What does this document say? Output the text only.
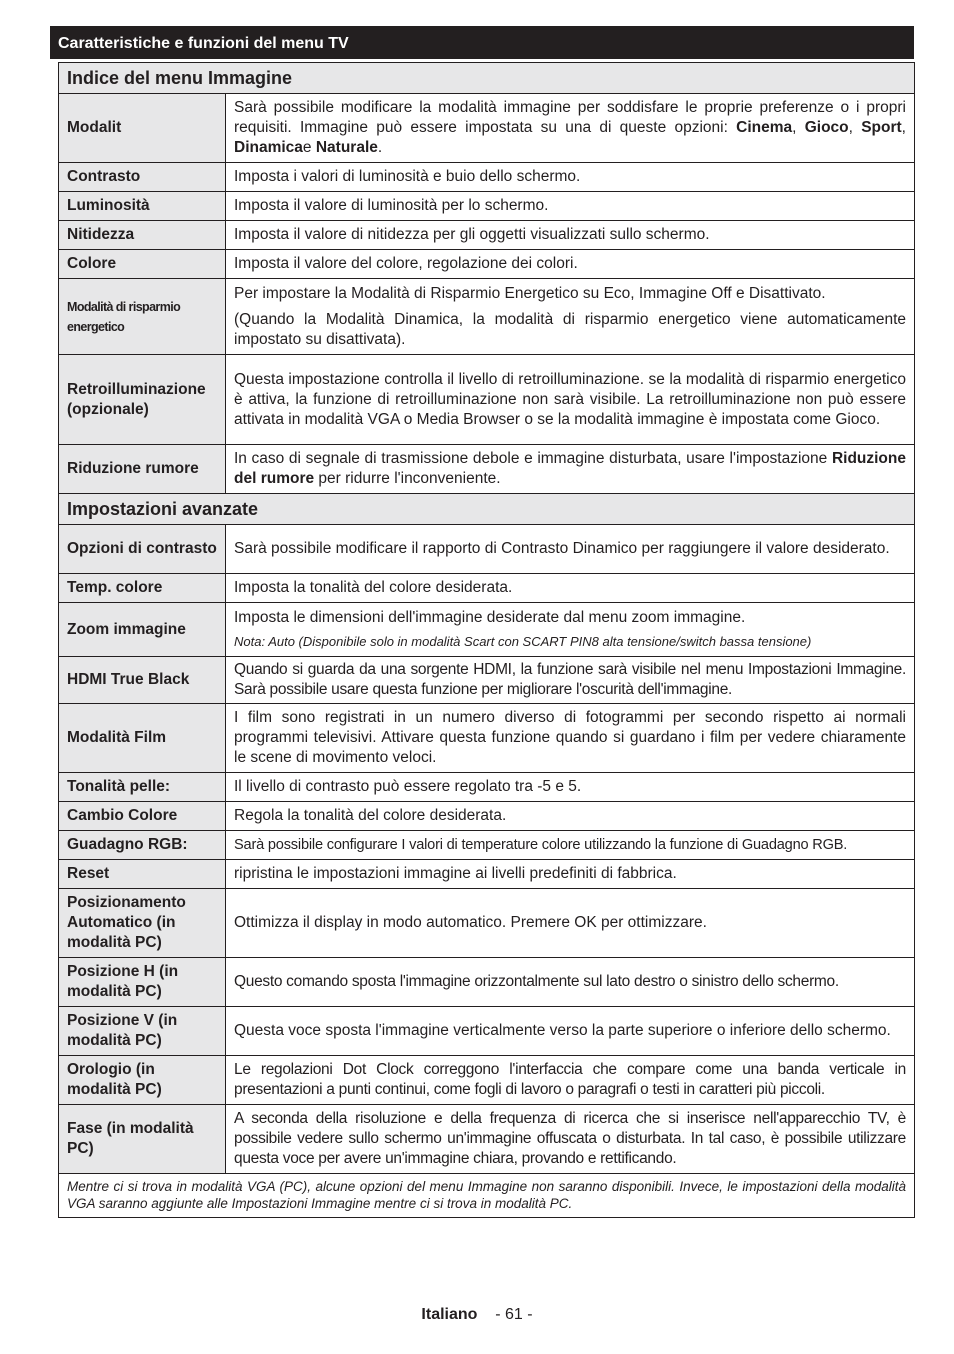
Caratteristiche e funzioni del menu TV
Indice del menu Immagine	
Modalit	Sarà possibile modificare la modalità immagine per soddisfare le proprie preferenze o i propri requisiti. Immagine può essere impostata su una di queste opzioni: Cinema, Gioco, Sport, Dinamicae Naturale.
Contrasto	Imposta i valori di luminosità e buio dello schermo.
Luminosità	Imposta il valore di luminosità per lo schermo.
Nitidezza	Imposta il valore di nitidezza per gli oggetti visualizzati sullo schermo.
Colore	Imposta il valore del colore, regolazione dei colori.
Modalità di risparmio energetico	Per impostare la Modalità di Risparmio Energetico su Eco, Immagine Off e Disattivato.
(Quando la Modalità Dinamica, la modalità di risparmio energetico viene automaticamente impostato su disattivata).

Retroilluminazione (opzionale)	Questa impostazione controlla il livello di retroilluminazione. se la modalità di risparmio energetico è attiva, la funzione di retroilluminazione non sarà visibile. La retroilluminazione non può essere attivata in modalità VGA o Media Browser o se la modalità immagine è impostata come Gioco.
Riduzione rumore	In caso di segnale di trasmissione debole e immagine disturbata, usare l'impostazione Riduzione del rumore per ridurre l'inconveniente.
Impostazioni avanzate	
Opzioni di contrasto	Sarà possibile modificare il rapporto di Contrasto Dinamico per raggiungere il valore desiderato.
Temp. colore	Imposta la tonalità del colore desiderata.
Zoom immagine	Imposta le dimensioni dell'immagine desiderate dal menu zoom immagine.
Nota: Auto (Disponibile solo in modalità Scart con SCART PIN8 alta tensione/switch bassa tensione)

HDMI True Black	Quando si guarda da una sorgente HDMI, la funzione sarà visibile nel menu Impostazioni Immagine. Sarà possibile usare questa funzione per migliorare l'oscurità dell'immagine.
Modalità Film	I film sono registrati in un numero diverso di fotogrammi per secondo rispetto ai normali programmi televisivi. Attivare questa funzione quando si guardano i film per vedere chiaramente le scene di movimento veloci.
Tonalità pelle:	Il livello di contrasto può essere regolato tra -5 e 5.
Cambio Colore	Regola la tonalità del colore desiderata.
Guadagno RGB:	Sarà possibile configurare I valori di temperature colore utilizzando la funzione di Guadagno RGB.
Reset	ripristina le impostazioni immagine ai livelli predefiniti di fabbrica.
Posizionamento Automatico (in modalità PC)	Ottimizza il display in modo automatico. Premere OK per ottimizzare.
Posizione H (in modalità PC)	Questo comando sposta l'immagine orizzontalmente sul lato destro o sinistro dello schermo.
Posizione V (in modalità PC)	Questa voce sposta l'immagine verticalmente verso la parte superiore o inferiore dello schermo.
Orologio (in modalità PC)	Le regolazioni Dot Clock correggono l'interfaccia che compare come una banda verticale in presentazioni a punti continui, come fogli di lavoro o paragrafi o testi in caratteri più piccoli.
Fase (in modalità PC)	A seconda della risoluzione e della frequenza di ricerca che si inserisce nell'apparecchio TV, è possibile vedere sullo schermo un'immagine offuscata o disturbata. In tal caso, è possibile utilizzare questa voce per avere un'immagine chiara, provando e rettificando.
Mentre ci si trova in modalità VGA (PC), alcune opzioni del menu Immagine non saranno disponibili. Invece, le impostazioni della modalità VGA saranno aggiunte alle Impostazioni Immagine mentre ci si trova in modalità PC.	
Italiano - 61 -
